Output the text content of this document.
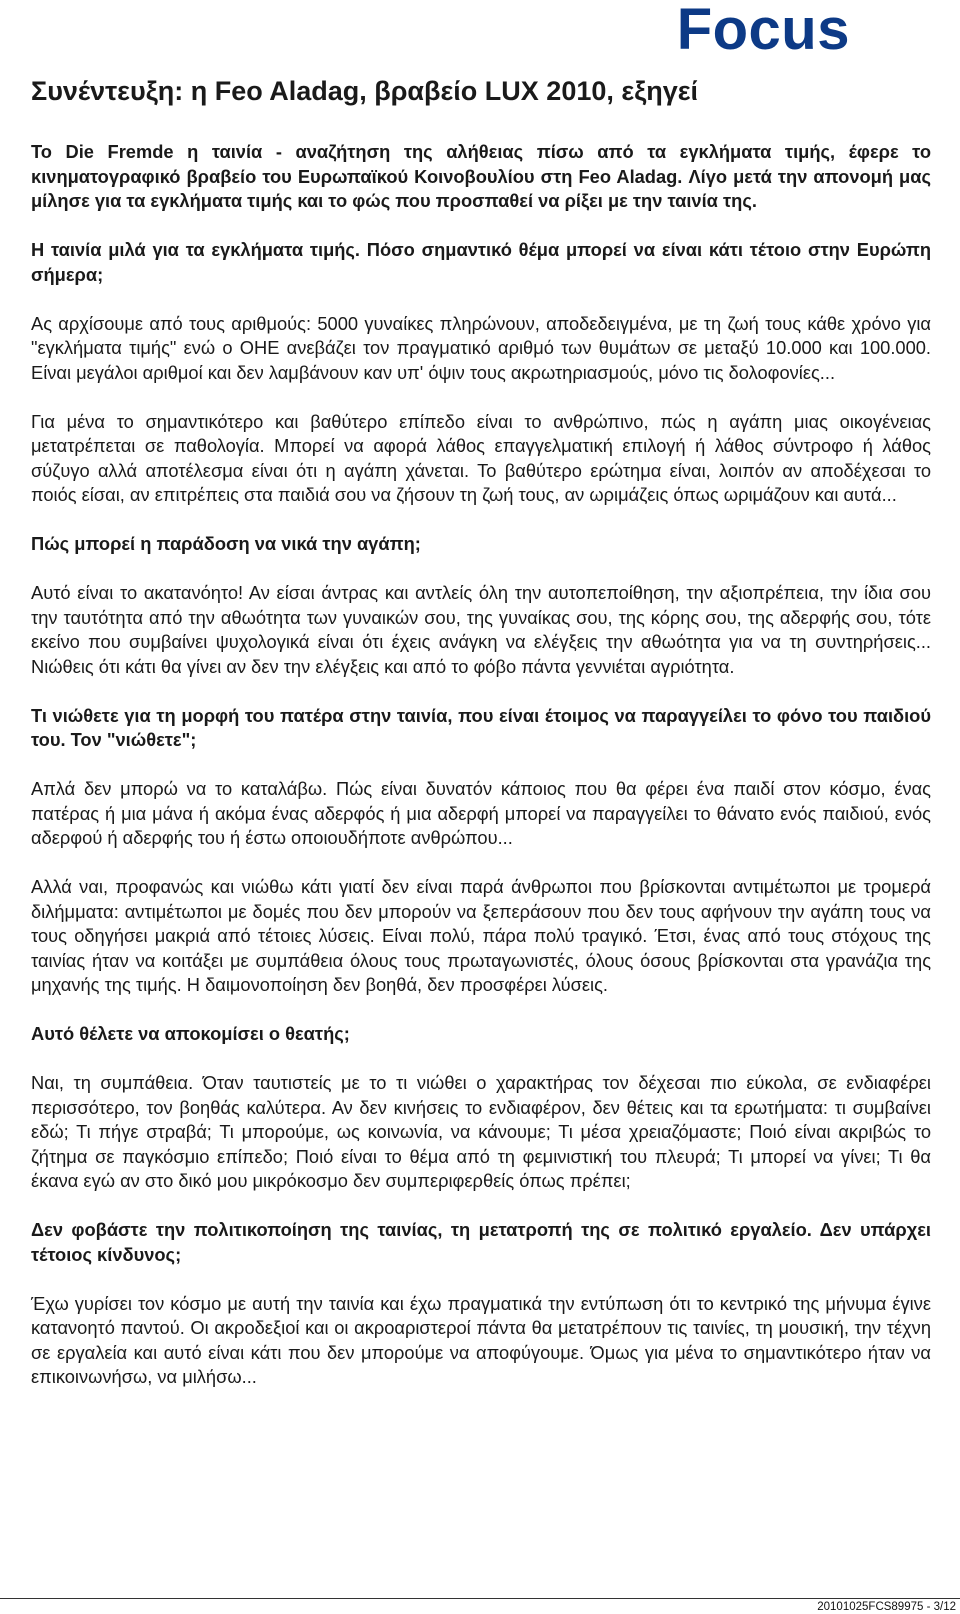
Focus
Συνέντευξη: η Feo Aladag, βραβείο LUX 2010, εξηγεί

Το Die Fremde η ταινία - αναζήτηση της αλήθειας πίσω από τα εγκλήματα τιμής, έφερε το κινηματογραφικό βραβείο του Ευρωπαϊκού Κοινοβουλίου στη Feo Aladag. Λίγο μετά την απονομή μας μίλησε για τα εγκλήματα τιμής και το φώς που προσπαθεί να ρίξει με την ταινία της.

Η ταινία μιλά για τα εγκλήματα τιμής. Πόσο σημαντικό θέμα μπορεί να είναι κάτι τέτοιο στην Ευρώπη σήμερα;

Ας αρχίσουμε από τους αριθμούς: 5000 γυναίκες πληρώνουν, αποδεδειγμένα, με τη ζωή τους κάθε χρόνο για "εγκλήματα τιμής" ενώ ο ΟΗΕ ανεβάζει τον πραγματικό αριθμό των θυμάτων σε μεταξύ 10.000 και 100.000. Είναι μεγάλοι αριθμοί και δεν λαμβάνουν καν υπ' όψιν τους ακρωτηριασμούς, μόνο τις δολοφονίες...

Για μένα το σημαντικότερο και βαθύτερο επίπεδο είναι το ανθρώπινο, πώς η αγάπη μιας οικογένειας μετατρέπεται σε παθολογία. Μπορεί να αφορά λάθος επαγγελματική επιλογή ή λάθος σύντροφο ή λάθος σύζυγο αλλά αποτέλεσμα είναι ότι η αγάπη χάνεται. Το βαθύτερο ερώτημα είναι, λοιπόν αν αποδέχεσαι το ποιός είσαι, αν επιτρέπεις στα παιδιά σου να ζήσουν τη ζωή τους, αν ωριμάζεις όπως ωριμάζουν και αυτά...

Πώς μπορεί η παράδοση να νικά την αγάπη;

Αυτό είναι το ακατανόητο! Αν είσαι άντρας και αντλείς όλη την αυτοπεποίθηση, την αξιοπρέπεια, την ίδια σου την ταυτότητα από την αθωότητα των γυναικών σου, της γυναίκας σου, της κόρης σου, της αδερφής σου, τότε εκείνο που συμβαίνει ψυχολογικά είναι ότι έχεις ανάγκη να ελέγξεις την αθωότητα για να τη συντηρήσεις... Νιώθεις ότι κάτι θα γίνει αν δεν την ελέγξεις και από το φόβο πάντα γεννιέται αγριότητα.

Τι νιώθετε για τη μορφή του πατέρα στην ταινία, που είναι έτοιμος να παραγγείλει το φόνο του παιδιού του. Τον "νιώθετε";

Απλά δεν μπορώ να το καταλάβω. Πώς είναι δυνατόν κάποιος που θα φέρει ένα παιδί στον κόσμο, ένας πατέρας ή μια μάνα ή ακόμα ένας αδερφός ή μια αδερφή μπορεί να παραγγείλει το θάνατο ενός παιδιού, ενός αδερφού ή αδερφής του ή έστω οποιουδήποτε ανθρώπου...

Αλλά ναι, προφανώς και νιώθω κάτι γιατί δεν είναι παρά άνθρωποι που βρίσκονται αντιμέτωποι με τρομερά διλήμματα: αντιμέτωποι με δομές που δεν μπορούν να ξεπεράσουν που δεν τους αφήνουν την αγάπη τους να τους οδηγήσει μακριά από τέτοιες λύσεις. Είναι πολύ, πάρα πολύ τραγικό. Έτσι, ένας από τους στόχους της ταινίας ήταν να κοιτάξει με συμπάθεια όλους τους πρωταγωνιστές, όλους όσους βρίσκονται στα γρανάζια της μηχανής της τιμής. Η δαιμονοποίηση δεν βοηθά, δεν προσφέρει λύσεις.

Αυτό θέλετε να αποκομίσει ο θεατής;

Ναι, τη συμπάθεια. Όταν ταυτιστείς με το τι νιώθει ο χαρακτήρας τον δέχεσαι πιο εύκολα, σε ενδιαφέρει περισσότερο, τον βοηθάς καλύτερα. Αν δεν κινήσεις το ενδιαφέρον, δεν θέτεις και τα ερωτήματα: τι συμβαίνει εδώ; Τι πήγε στραβά; Τι μπορούμε, ως κοινωνία, να κάνουμε; Τι μέσα χρειαζόμαστε; Ποιό είναι ακριβώς το ζήτημα σε παγκόσμιο επίπεδο; Ποιό είναι το θέμα από τη φεμινιστική του πλευρά; Τι μπορεί να γίνει; Τι θα έκανα εγώ αν στο δικό μου μικρόκοσμο δεν συμπεριφερθείς όπως πρέπει;

Δεν φοβάστε την πολιτικοποίηση της ταινίας, τη μετατροπή της σε πολιτικό εργαλείο. Δεν υπάρχει τέτοιος κίνδυνος;

Έχω γυρίσει τον κόσμο με αυτή την ταινία και έχω πραγματικά την εντύπωση ότι το κεντρικό της μήνυμα έγινε κατανοητό παντού. Οι ακροδεξιοί και οι ακροαριστεροί πάντα θα μετατρέπουν τις ταινίες, τη μουσική, την τέχνη σε εργαλεία και αυτό είναι κάτι που δεν μπορούμε να αποφύγουμε. Όμως για μένα το σημαντικότερο ήταν να επικοινωνήσω, να μιλήσω...

20101025FCS89975 - 3/12
